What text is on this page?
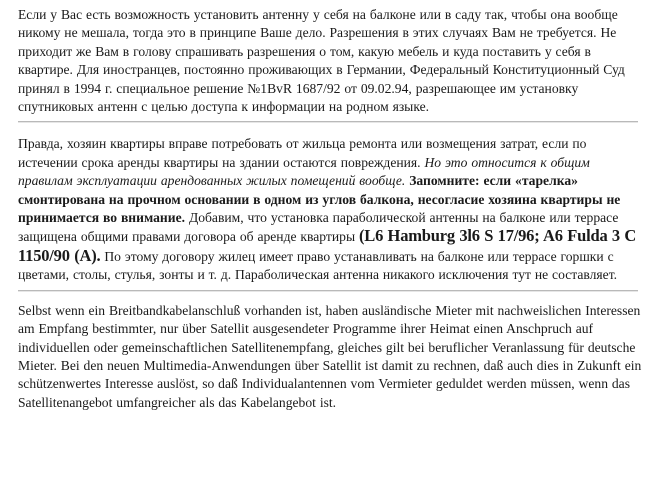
Если у Вас есть возможность установить антенну у себя на балконе или в саду так, чтобы она вообще никому не мешала, тогда это в принципе Ваше дело. Разрешения в этих случаях Вам не требуется. Не приходит же Вам в голову спрашивать разрешения о том, какую мебель и куда поставить у себя в квартире. Для иностранцев, постоянно проживающих в Германии, Федеральный Конституционный Суд принял в 1994 г. специальное решение №1BvR 1687/92 от 09.02.94, разрешающее им установку спутниковых антенн с целью доступа к информации на родном языке.

Правда, хозяин квартиры вправе потребовать от жильца ремонта или возмещения затрат, если по истечении срока аренды квартиры на здании остаются повреждения. Но это относится к общим правилам эксплуатации арендованных жилых помещений вообще. Запомните: если «тарелка» смонтирована на прочном основании в одном из углов балкона, несогласие хозяина квартиры не принимается во внимание. Добавим, что установка параболической антенны на балконе или террасе защищена общими правами договора об аренде квартиры (L6 Hamburg 3l6 S 17/96; A6 Fulda 3 C 1150/90 (A). По этому договору жилец имеет право устанавливать на балконе или террасе горшки с цветами, столы, стулья, зонты и т. д. Параболическая антенна никакого исключения тут не составляет.

Selbst wenn ein Breitbandkabelanschluß vorhanden ist, haben ausländische Mieter mit nachweislichen Interessen am Empfang bestimmter, nur über Satellit ausgesendeter Programme ihrer Heimat einen Anschpruch auf individuellen oder gemeinschaftlichen Satellitenempfang, gleiches gilt bei beruflicher Veranlassung für deutsche Mieter. Bei den neuen Multimedia-Anwendungen über Satellit ist damit zu rechnen, daß auch dies in Zukunft ein schützenwertes Interesse auslöst, so daß Individualantennen vom Vermieter geduldet werden müssen, wenn das Satellitenangebot umfangreicher als das Kabelangebot ist.
